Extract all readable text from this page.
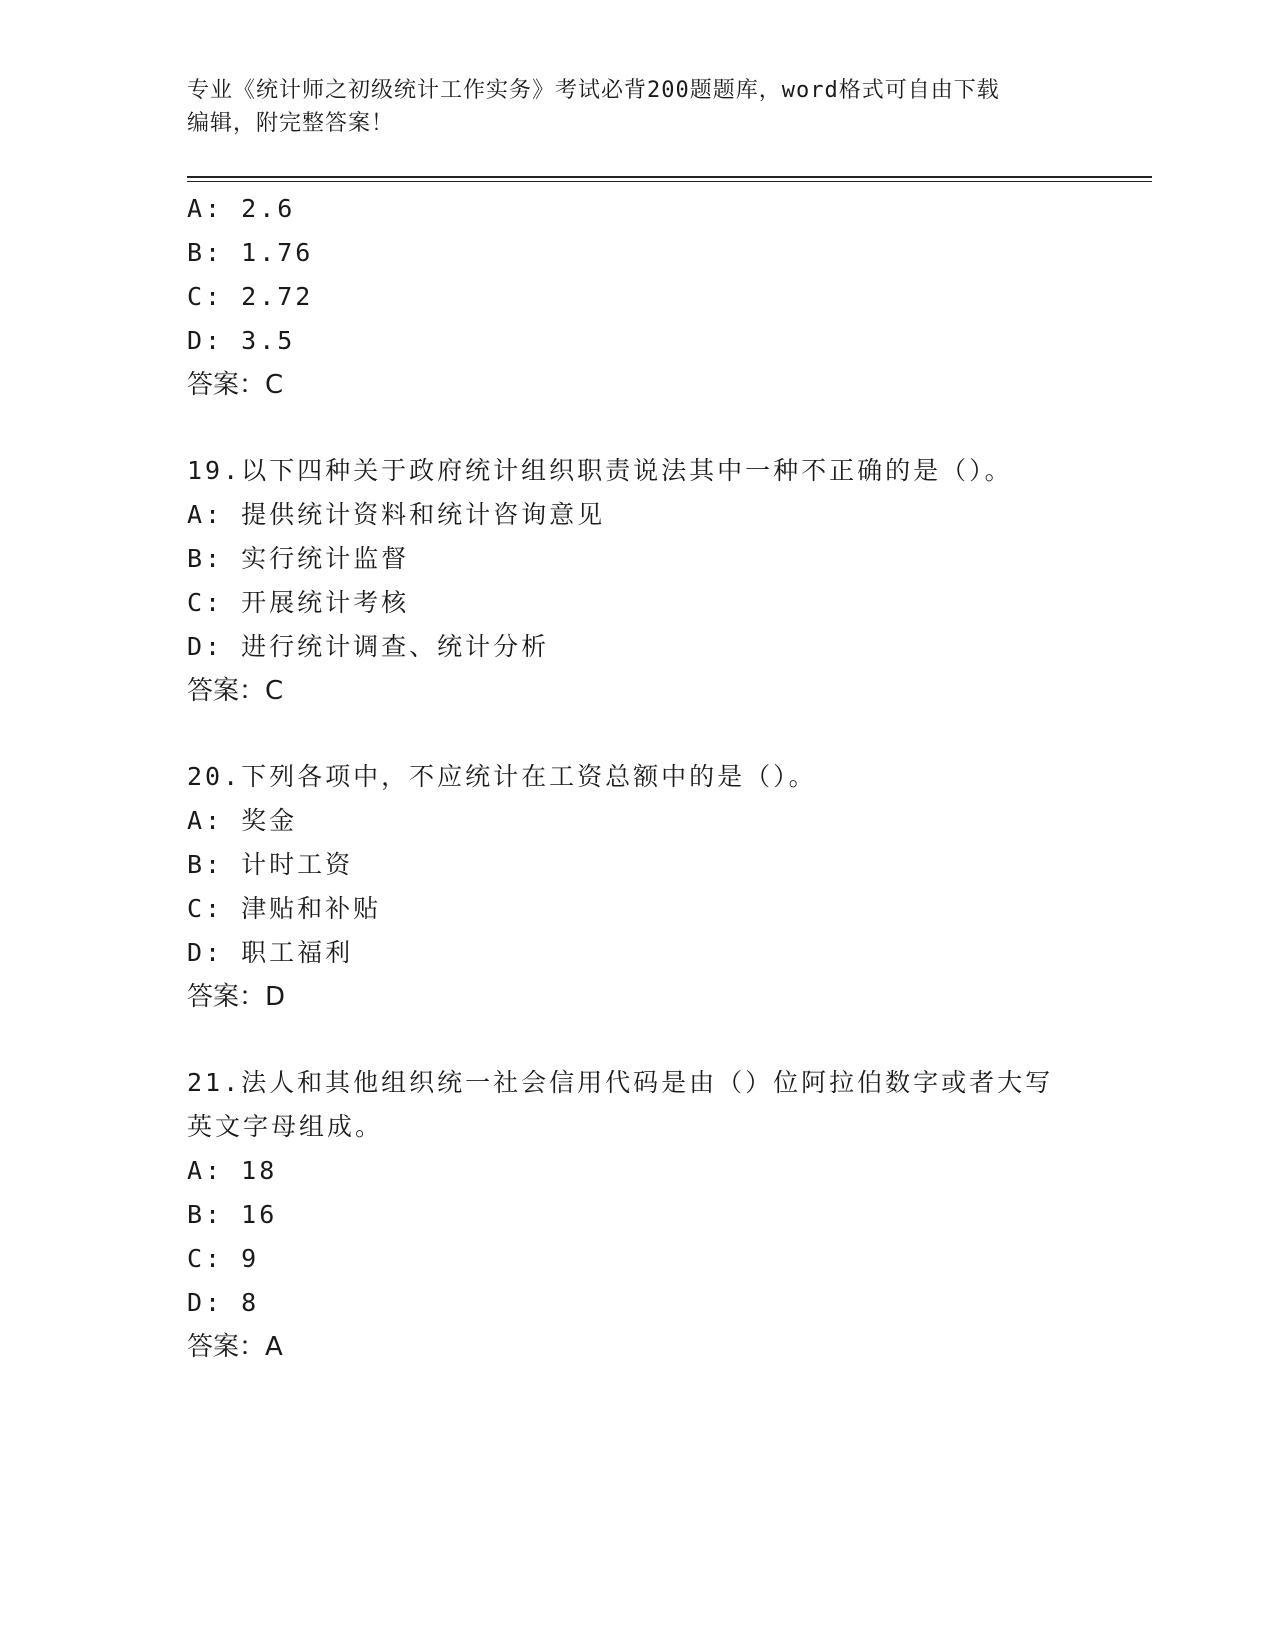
专业《统计师之初级统计工作实务》考试必背200题题库，word格式可自由下载
编辑，附完整答案！
A: 2.6
B: 1.76
C: 2.72
D: 3.5
答案：C
19.以下四种关于政府统计组织职责说法其中一种不正确的是（）。
A: 提供统计资料和统计咨询意见
B: 实行统计监督
C: 开展统计考核
D: 进行统计调查、统计分析
答案：C
20.下列各项中，不应统计在工资总额中的是（）。
A: 奖金
B: 计时工资
C: 津贴和补贴
D: 职工福利
答案：D
21.法人和其他组织统一社会信用代码是由（）位阿拉伯数字或者大写
英文字母组成。
A: 18
B: 16
C: 9
D: 8
答案：A
